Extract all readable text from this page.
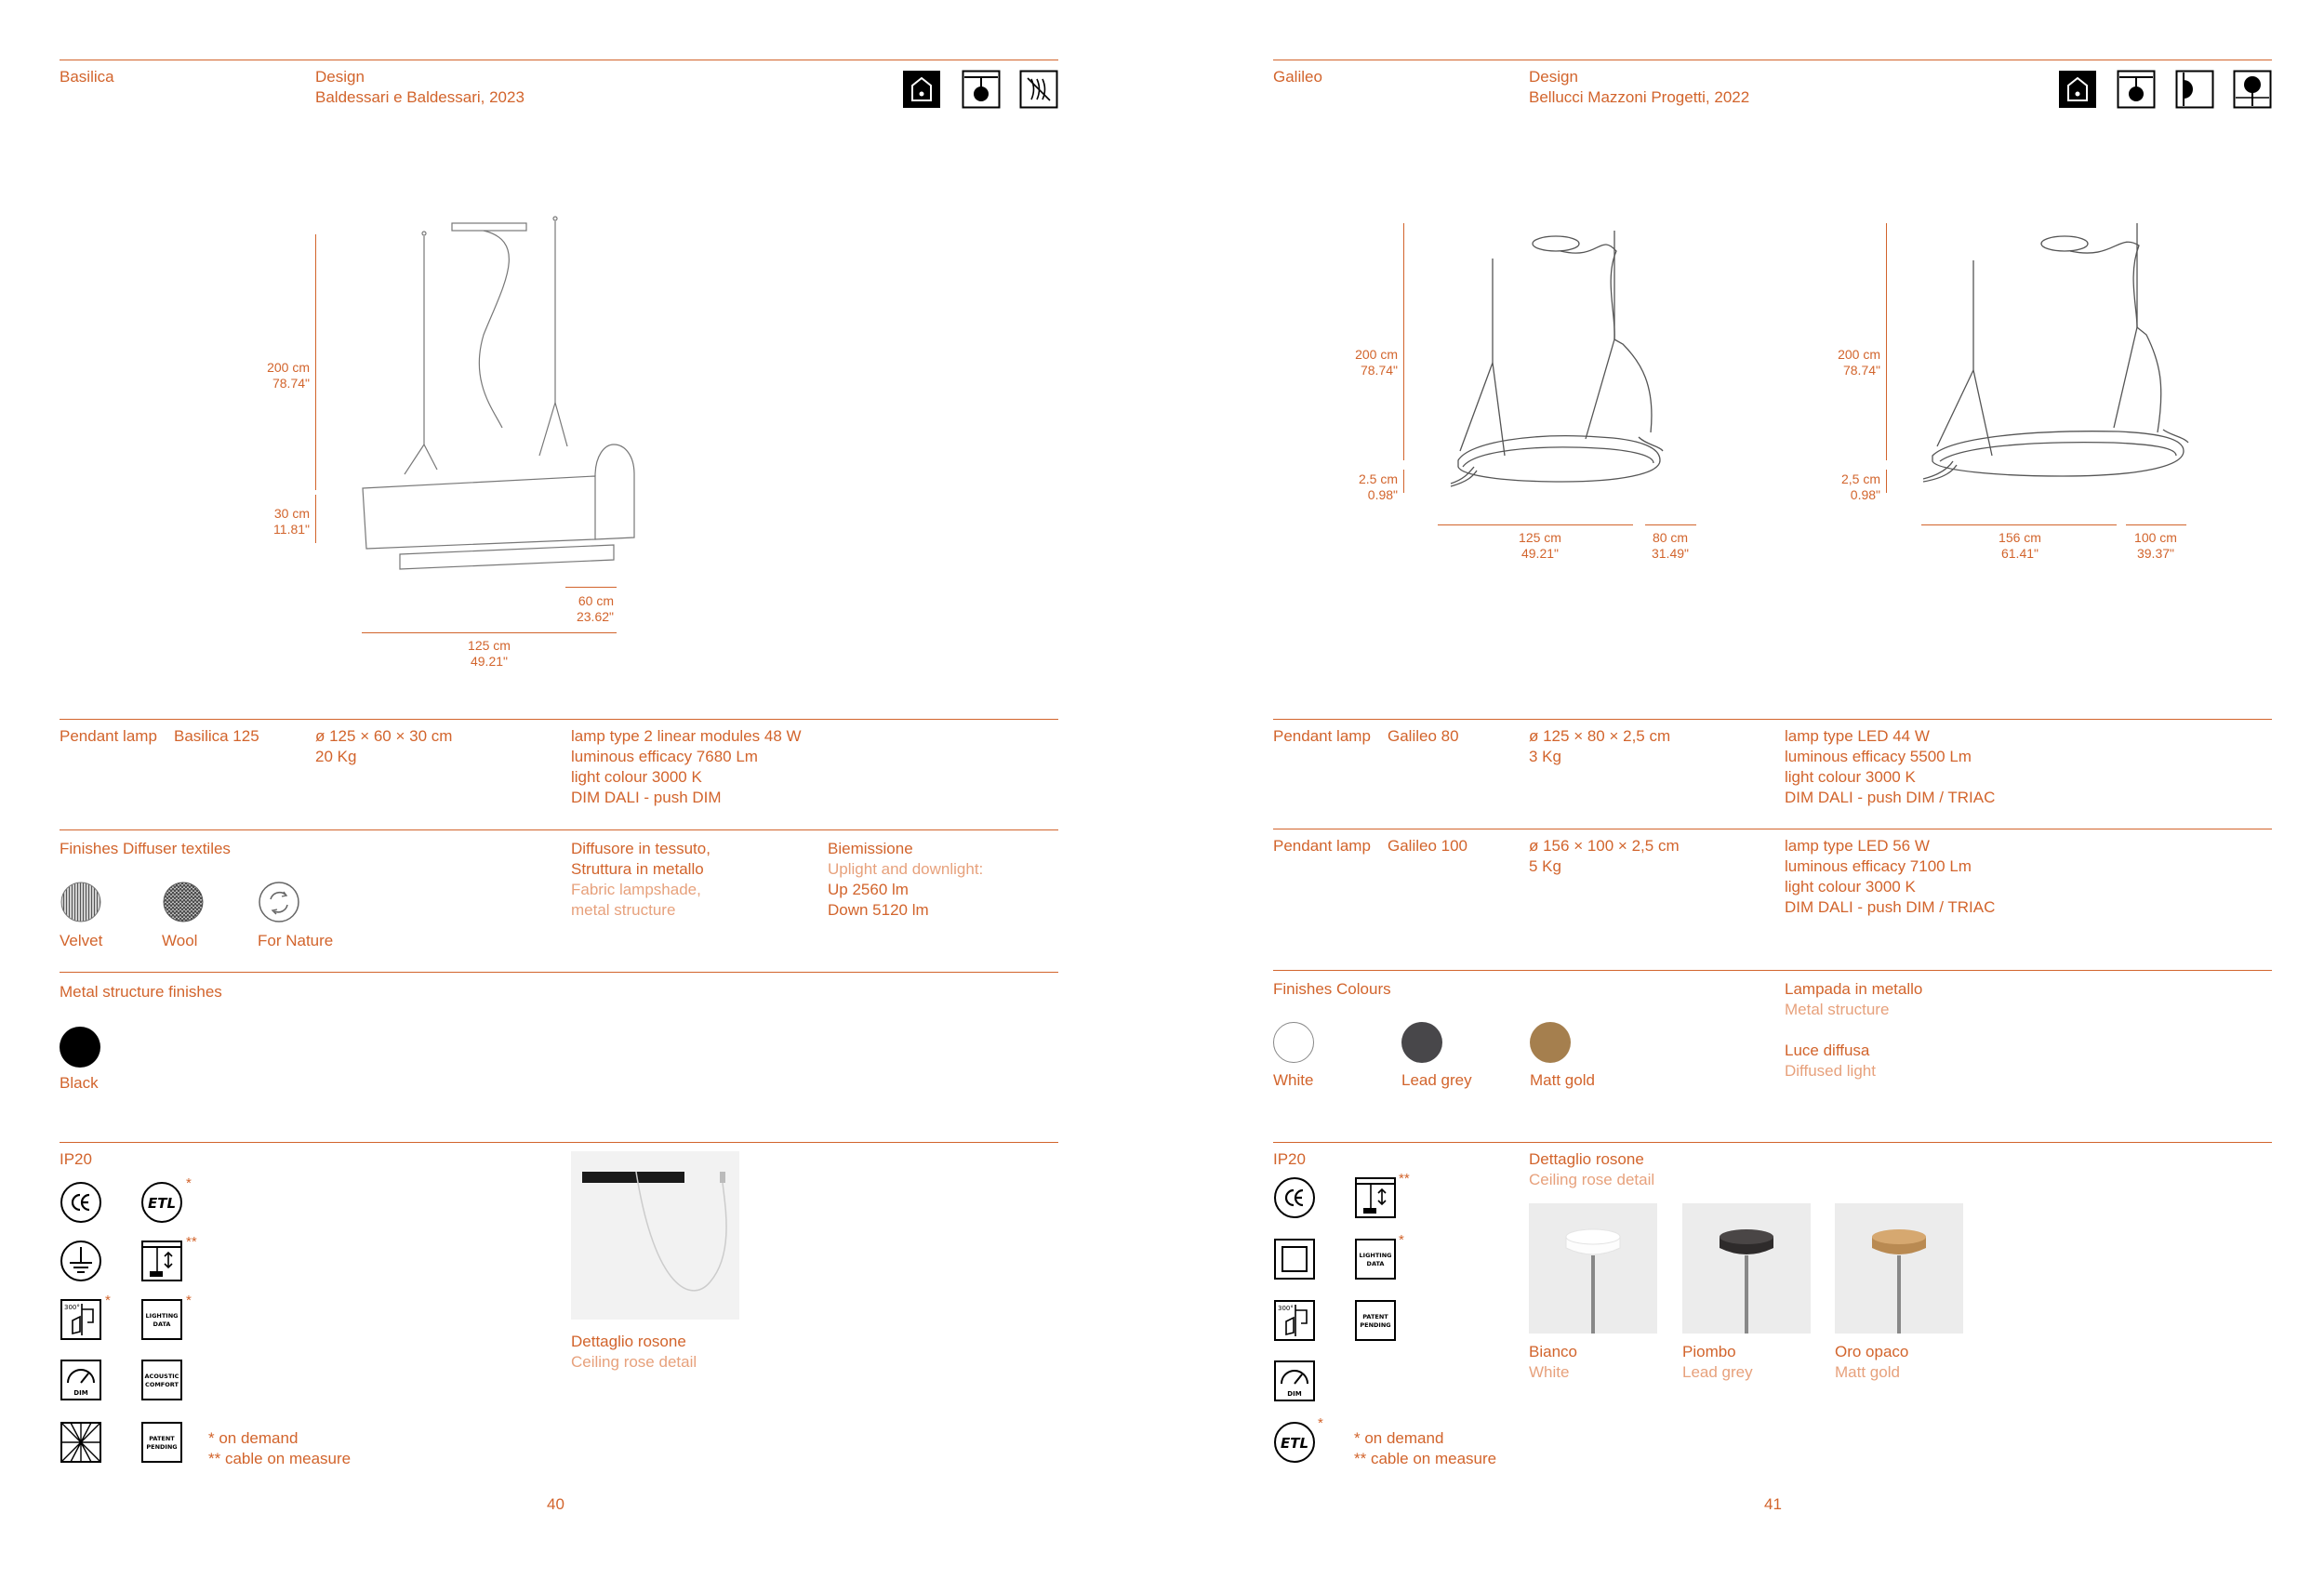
Basilica	Design
Baldessari e Baldessari, 2023
200 cm
78.74"
30 cm
11.81"
60 cm
23.62"
125 cm
49.21"
Pendant lamp Basilica 125	ø 125 × 60 × 30 cm
20 Kg
lamp type 2 linear modules 48 W
luminous efficacy 7680 Lm
light colour 3000 K
DIM DALI - push DIM
Finishes Diffuser textiles
Velvet	Wool	For Nature
Diffusore in tessuto,
Struttura in metallo
Fabric lampshade,
metal structure
Biemissione
Uplight and downlight:
Up 2560 lm
Down 5120 lm
Metal structure finishes
Black
IP20
ETL
*
**
300° *
LIGHTING DATA
*
DIM
ACOUSTIC COMFORT
PATENT PENDING * on demand
** cable on measure
Dettaglio rosone
Ceiling rose detail
40
Galileo	Design
Bellucci Mazzoni Progetti, 2022
200 cm
78.74"
2.5 cm
0.98"
125 cm
49.21"
80 cm
31.49"
200 cm
78.74"
2,5 cm
0.98"
156 cm
61.41"
100 cm
39.37"
Pendant lamp Galileo 80	ø 125 × 80 × 2,5 cm
3 Kg
lamp type LED 44 W
luminous efficacy 5500 Lm
light colour 3000 K
DIM DALI - push DIM / TRIAC
Pendant lamp Galileo 100	ø 156 × 100 × 2,5 cm
5 Kg
lamp type LED 56 W
luminous efficacy 7100 Lm
light colour 3000 K
DIM DALI - push DIM / TRIAC
Finishes Colours
White	Lead grey	Matt gold
Lampada in metallo
Metal structure
Luce diffusa
Diffused light
IP20
**
LIGHTING DATA
*
300°
PATENT PENDING
DIM
ETL
*
* on demand
** cable on measure
Dettaglio rosone
Ceiling rose detail
Bianco
White
Piombo
Lead grey
Oro opaco
Matt gold
41
